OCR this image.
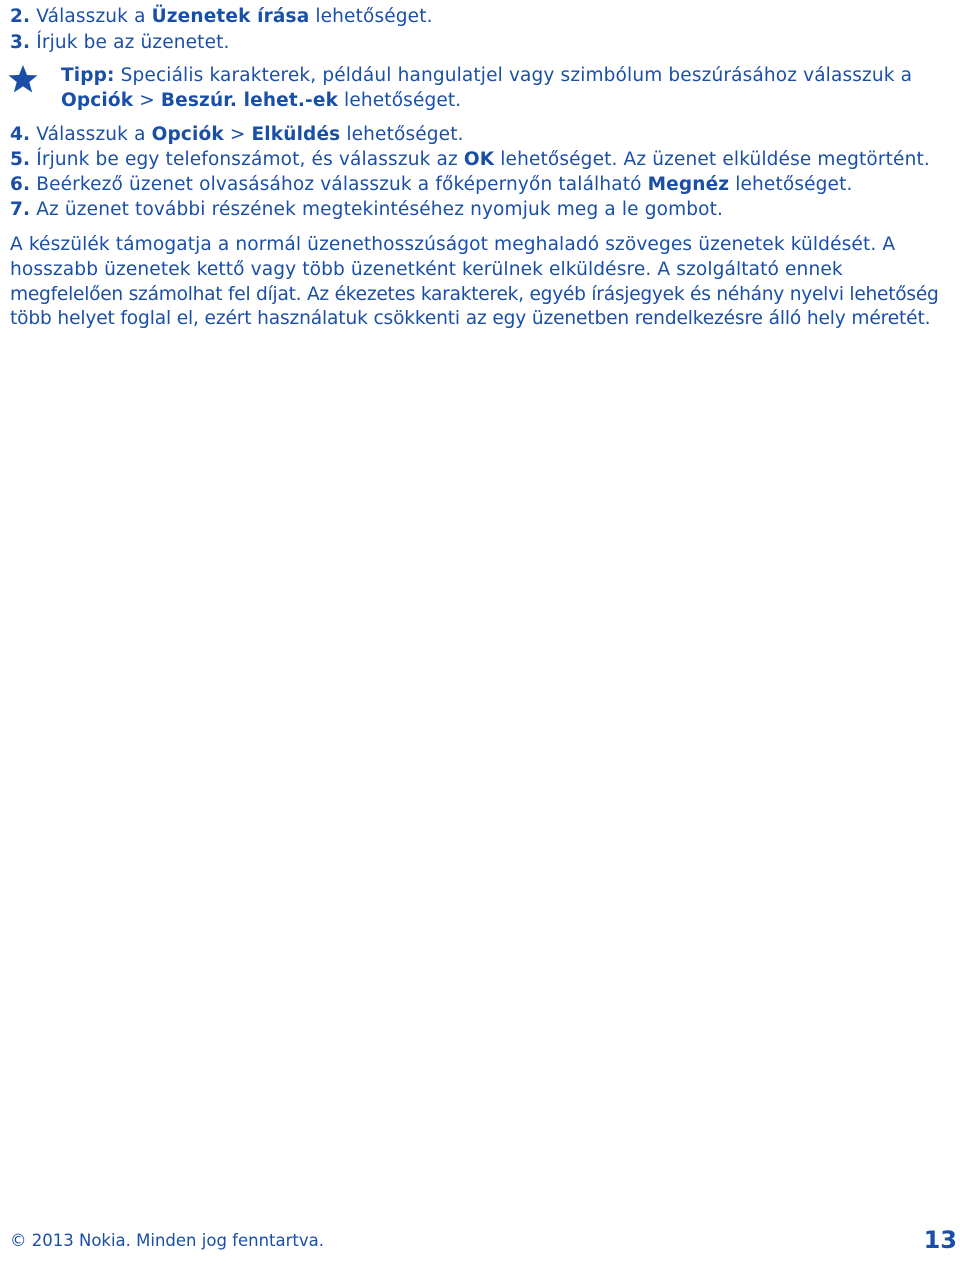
2. Válasszuk a Üzenetek írása lehetőséget.
3. Írjuk be az üzenetet.
Tipp: Speciális karakterek, például hangulatjel vagy szimbólum beszúrásához válasszuk a
Opciók > Beszúr. lehet.-ek lehetőséget.
4. Válasszuk a Opciók > Elküldés lehetőséget.
5. Írjunk be egy telefonszámot, és válasszuk az OK lehetőséget. Az üzenet elküldése megtörtént.
6. Beérkező üzenet olvasásához válasszuk a főképernyőn található Megnéz lehetőséget.
7. Az üzenet további részének megtekintéséhez nyomjuk meg a le gombot.
A készülék támogatja a normál üzenethosszúságot meghaladó szöveges üzenetek küldését. A
hosszabb üzenetek kettő vagy több üzenetként kerülnek elküldésre. A szolgáltató ennek
megfelelően számolhat fel díjat. Az ékezetes karakterek, egyéb írásjegyek és néhány nyelvi lehetőség
több helyet foglal el, ezért használatuk csökkenti az egy üzenetben rendelkezésre álló hely méretét.
© 2013 Nokia. Minden jog fenntartva.	13
